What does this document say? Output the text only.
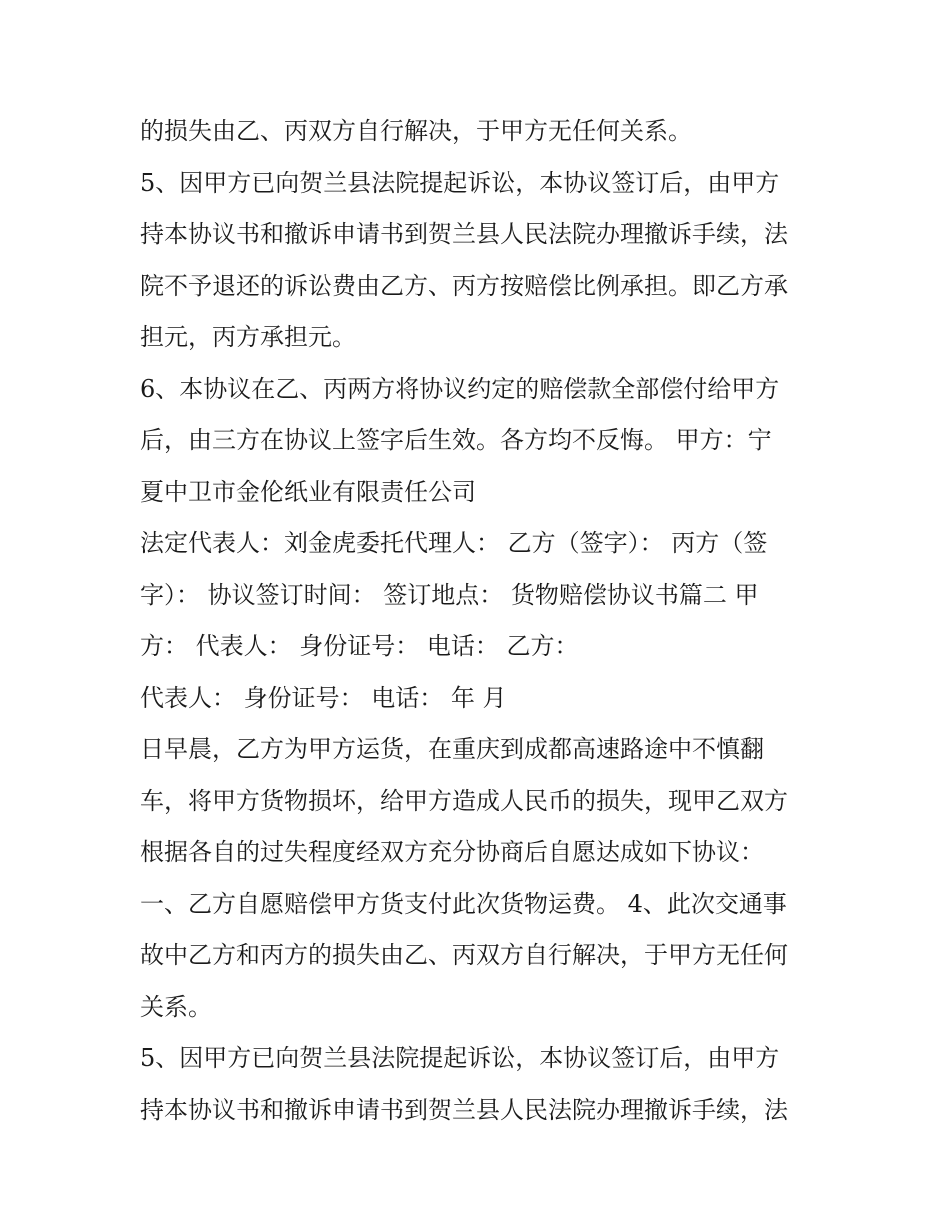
的损失由乙、丙双方自行解决，于甲方无任何关系。
5、因甲方已向贺兰县法院提起诉讼，本协议签订后，由甲方
持本协议书和撤诉申请书到贺兰县人民法院办理撤诉手续，法
院不予退还的诉讼费由乙方、丙方按赔偿比例承担。即乙方承
担元，丙方承担元。
6、本协议在乙、丙两方将协议约定的赔偿款全部偿付给甲方
后，由三方在协议上签字后生效。各方均不反悔。 甲方：宁
夏中卫市金伦纸业有限责任公司
法定代表人：刘金虎委托代理人： 乙方（签字）： 丙方（签
字）： 协议签订时间： 签订地点： 货物赔偿协议书篇二 甲
方： 代表人： 身份证号： 电话： 乙方：
代表人： 身份证号： 电话： 年 月
日早晨，乙方为甲方运货，在重庆到成都高速路途中不慎翻
车，将甲方货物损坏，给甲方造成人民币的损失，现甲乙双方
根据各自的过失程度经双方充分协商后自愿达成如下协议：
一、乙方自愿赔偿甲方货支付此次货物运费。 4、此次交通事
故中乙方和丙方的损失由乙、丙双方自行解决，于甲方无任何
关系。
5、因甲方已向贺兰县法院提起诉讼，本协议签订后，由甲方
持本协议书和撤诉申请书到贺兰县人民法院办理撤诉手续，法
